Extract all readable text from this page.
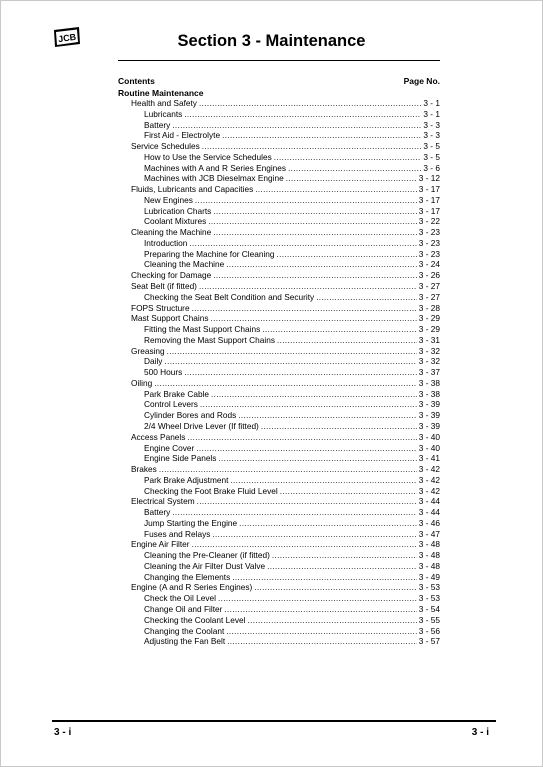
JCB	Section 3 - Maintenance
Contents	Page No.
Routine Maintenance
Health and Safety .....	3 - 1
Lubricants .....	3 - 1
Battery .....	3 - 3
First Aid - Electrolyte .....	3 - 3
Service Schedules .....	3 - 5
How to Use the Service Schedules .....	3 - 5
Machines with A and R Series Engines .....	3 - 6
Machines with JCB Dieselmax Engine .....	3 - 12
Fluids, Lubricants and Capacities .....	3 - 17
New Engines .....	3 - 17
Lubrication Charts .....	3 - 17
Coolant Mixtures .....	3 - 22
Cleaning the Machine .....	3 - 23
Introduction .....	3 - 23
Preparing the Machine for Cleaning .....	3 - 23
Cleaning the Machine .....	3 - 24
Checking for Damage .....	3 - 26
Seat Belt (if fitted) .....	3 - 27
Checking the Seat Belt Condition and Security .....	3 - 27
FOPS Structure .....	3 - 28
Mast Support Chains .....	3 - 29
Fitting the Mast Support Chains .....	3 - 29
Removing the Mast Support Chains .....	3 - 31
Greasing .....	3 - 32
Daily .....	3 - 32
500 Hours .....	3 - 37
Oiling .....	3 - 38
Park Brake Cable .....	3 - 38
Control Levers .....	3 - 39
Cylinder Bores and Rods .....	3 - 39
2/4 Wheel Drive Lever (If fitted) .....	3 - 39
Access Panels .....	3 - 40
Engine Cover .....	3 - 40
Engine Side Panels .....	3 - 41
Brakes .....	3 - 42
Park Brake Adjustment .....	3 - 42
Checking the Foot Brake Fluid Level .....	3 - 42
Electrical System .....	3 - 44
Battery .....	3 - 44
Jump Starting the Engine .....	3 - 46
Fuses and Relays .....	3 - 47
Engine Air Filter .....	3 - 48
Cleaning the Pre-Cleaner (if fitted) .....	3 - 48
Cleaning the Air Filter Dust Valve .....	3 - 48
Changing the Elements .....	3 - 49
Engine (A and R Series Engines) .....	3 - 53
Check the Oil Level .....	3 - 53
Change Oil and Filter .....	3 - 54
Checking the Coolant Level .....	3 - 55
Changing the Coolant .....	3 - 56
Adjusting the Fan Belt .....	3 - 57
3 - i	3 - i
